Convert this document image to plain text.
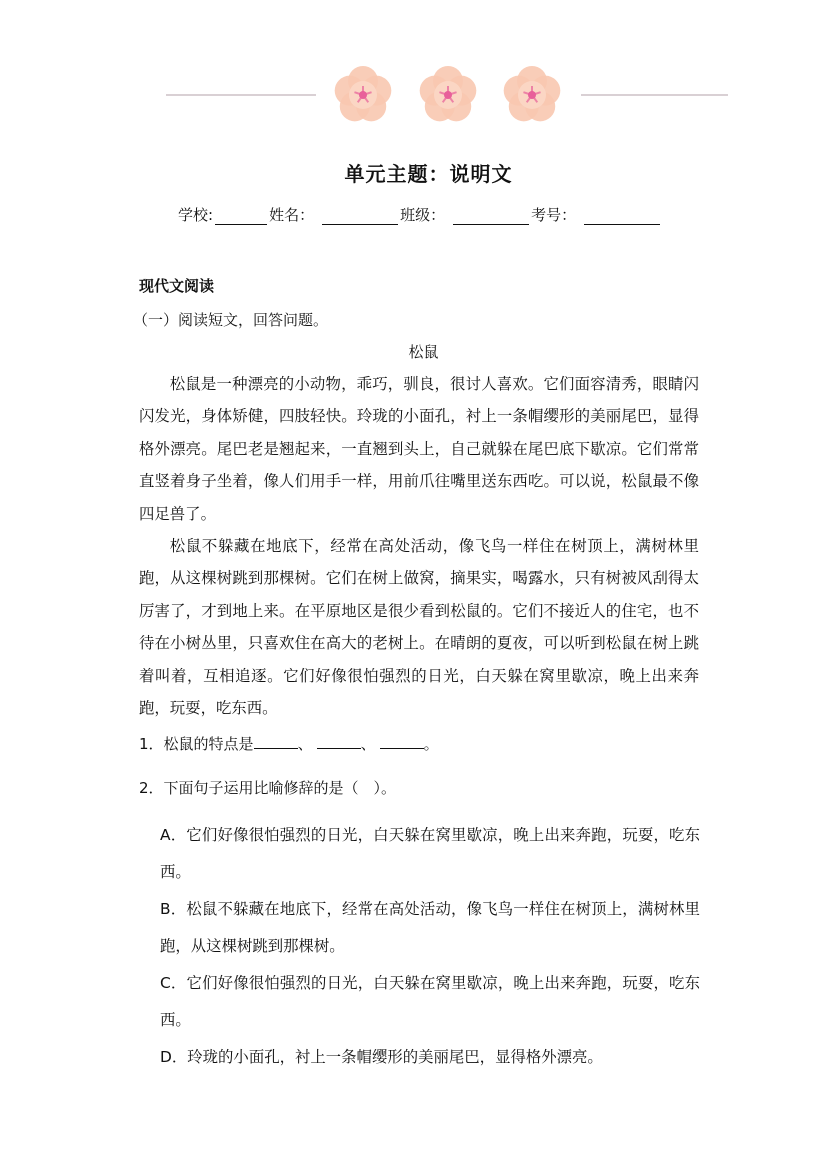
单元主题：说明文
学校:	姓名：	班级：	考号：
现代文阅读
（一）阅读短文，回答问题。
松鼠

松鼠是一种漂亮的小动物，乖巧，驯良，很讨人喜欢。它们面容清秀，眼睛闪闪发光，身体矫健，四肢轻快。玲珑的小面孔，衬上一条帽缨形的美丽尾巴，显得格外漂亮。尾巴老是翘起来，一直翘到头上，自己就躲在尾巴底下歇凉。它们常常直竖着身子坐着，像人们用手一样，用前爪往嘴里送东西吃。可以说，松鼠最不像四足兽了。

松鼠不躲藏在地底下，经常在高处活动，像飞鸟一样住在树顶上，满树林里跑，从这棵树跳到那棵树。它们在树上做窝，摘果实，喝露水，只有树被风刮得太厉害了，才到地上来。在平原地区是很少看到松鼠的。它们不接近人的住宅，也不待在小树丛里，只喜欢住在高大的老树上。在晴朗的夏夜，可以听到松鼠在树上跳着叫着，互相追逐。它们好像很怕强烈的日光，白天躲在窝里歇凉，晚上出来奔跑，玩耍，吃东西。

1．松鼠的特点是	、	、	。
2．下面句子运用比喻修辞的是（　）。
A．它们好像很怕强烈的日光，白天躲在窝里歇凉，晚上出来奔跑，玩耍，吃东西。
B．松鼠不躲藏在地底下，经常在高处活动，像飞鸟一样住在树顶上，满树林里跑，从这棵树跳到那棵树。
C．它们好像很怕强烈的日光，白天躲在窝里歇凉，晚上出来奔跑，玩耍，吃东西。
D．玲珑的小面孔，衬上一条帽缨形的美丽尾巴，显得格外漂亮。
